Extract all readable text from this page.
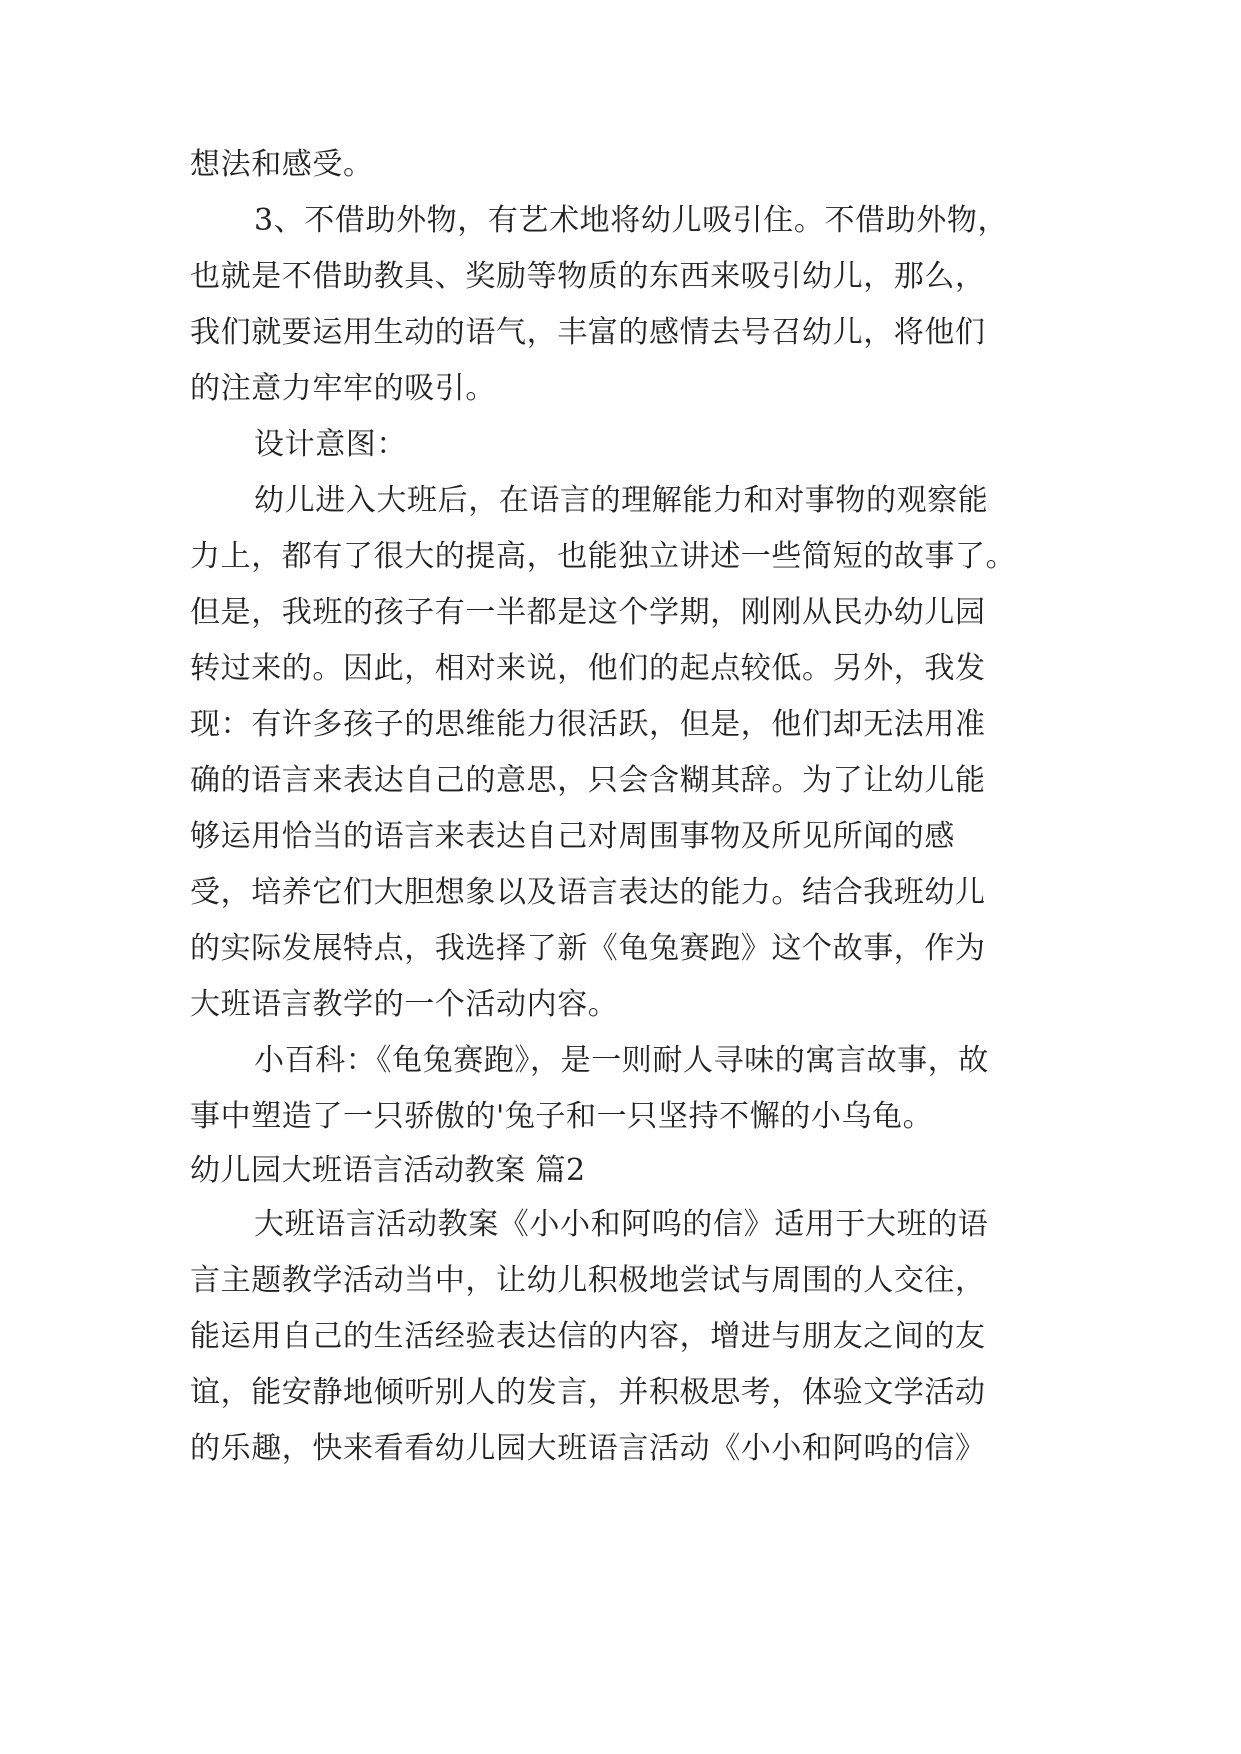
想法和感受。
3、不借助外物，有艺术地将幼儿吸引住。不借助外物，
也就是不借助教具、奖励等物质的东西来吸引幼儿，那么，
我们就要运用生动的语气，丰富的感情去号召幼儿，将他们
的注意力牢牢的吸引。
设计意图：
幼儿进入大班后，在语言的理解能力和对事物的观察能
力上，都有了很大的提高，也能独立讲述一些简短的故事了。
但是，我班的孩子有一半都是这个学期，刚刚从民办幼儿园
转过来的。因此，相对来说，他们的起点较低。另外，我发
现：有许多孩子的思维能力很活跃，但是，他们却无法用准
确的语言来表达自己的意思，只会含糊其辞。为了让幼儿能
够运用恰当的语言来表达自己对周围事物及所见所闻的感
受，培养它们大胆想象以及语言表达的能力。结合我班幼儿
的实际发展特点，我选择了新《龟兔赛跑》这个故事，作为
大班语言教学的一个活动内容。
小百科：《龟兔赛跑》，是一则耐人寻味的寓言故事，故
事中塑造了一只骄傲的'兔子和一只坚持不懈的小乌龟。
幼儿园大班语言活动教案 篇2
大班语言活动教案《小小和阿呜的信》适用于大班的语
言主题教学活动当中，让幼儿积极地尝试与周围的人交往，
能运用自己的生活经验表达信的内容，增进与朋友之间的友
谊，能安静地倾听别人的发言，并积极思考，体验文学活动
的乐趣，快来看看幼儿园大班语言活动《小小和阿呜的信》
